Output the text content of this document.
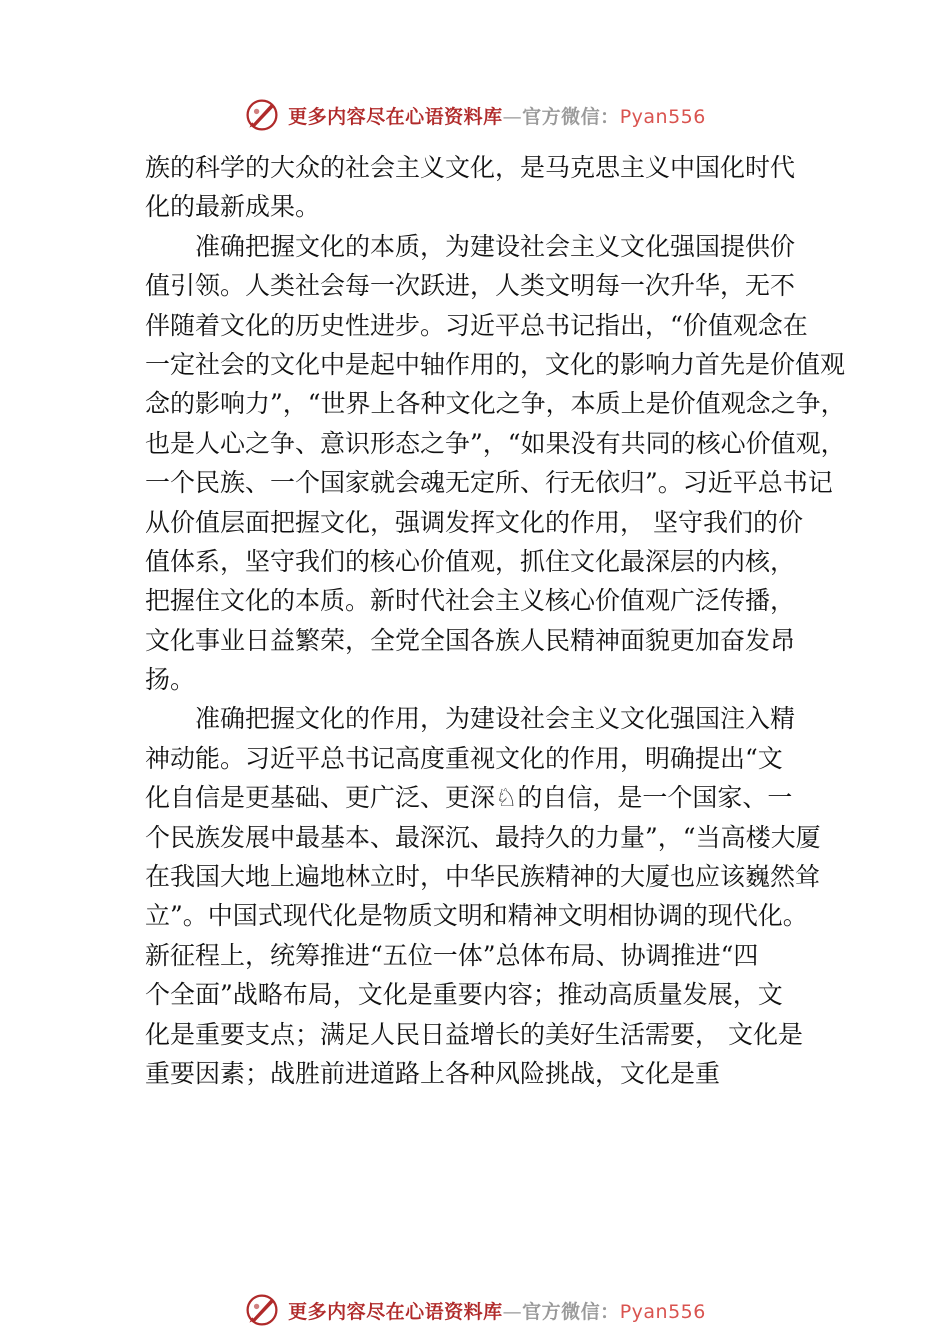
更多内容尽在心语资料库—官方微信：Pyan556
族的科学的大众的社会主义文化，是马克思主义中国化时代
化的最新成果。
准确把握文化的本质，为建设社会主义文化强国提供价
值引领。人类社会每一次跃进，人类文明每一次升华，无不
伴随着文化的历史性进步。习近平总书记指出，“价值观念在
一定社会的文化中是起中轴作用的，文化的影响力首先是价值观
念的影响力”，“世界上各种文化之争，本质上是价值观念之争，
也是人心之争、意识形态之争”，“如果没有共同的核心价值观，
一个民族、一个国家就会魂无定所、行无依归”。习近平总书记
从价值层面把握文化，强调发挥文化的作用， 坚守我们的价
值体系，坚守我们的核心价值观，抓住文化最深层的内核，
把握住文化的本质。新时代社会主义核心价值观广泛传播，
文化事业日益繁荣，全党全国各族人民精神面貌更加奋发昂
扬。
准确把握文化的作用，为建设社会主义文化强国注入精
神动能。习近平总书记高度重视文化的作用，明确提出“文
化自信是更基础、更广泛、更深♘的自信，是一个国家、一
个民族发展中最基本、最深沉、最持久的力量”，“当高楼大厦
在我国大地上遍地林立时，中华民族精神的大厦也应该巍然耸
立”。中国式现代化是物质文明和精神文明相协调的现代化。
新征程上，统筹推进“五位一体”总体布局、协调推进“四
个全面”战略布局，文化是重要内容；推动高质量发展，文
化是重要支点；满足人民日益增长的美好生活需要， 文化是
重要因素；战胜前进道路上各种风险挑战，文化是重
更多内容尽在心语资料库—官方微信：Pyan556
